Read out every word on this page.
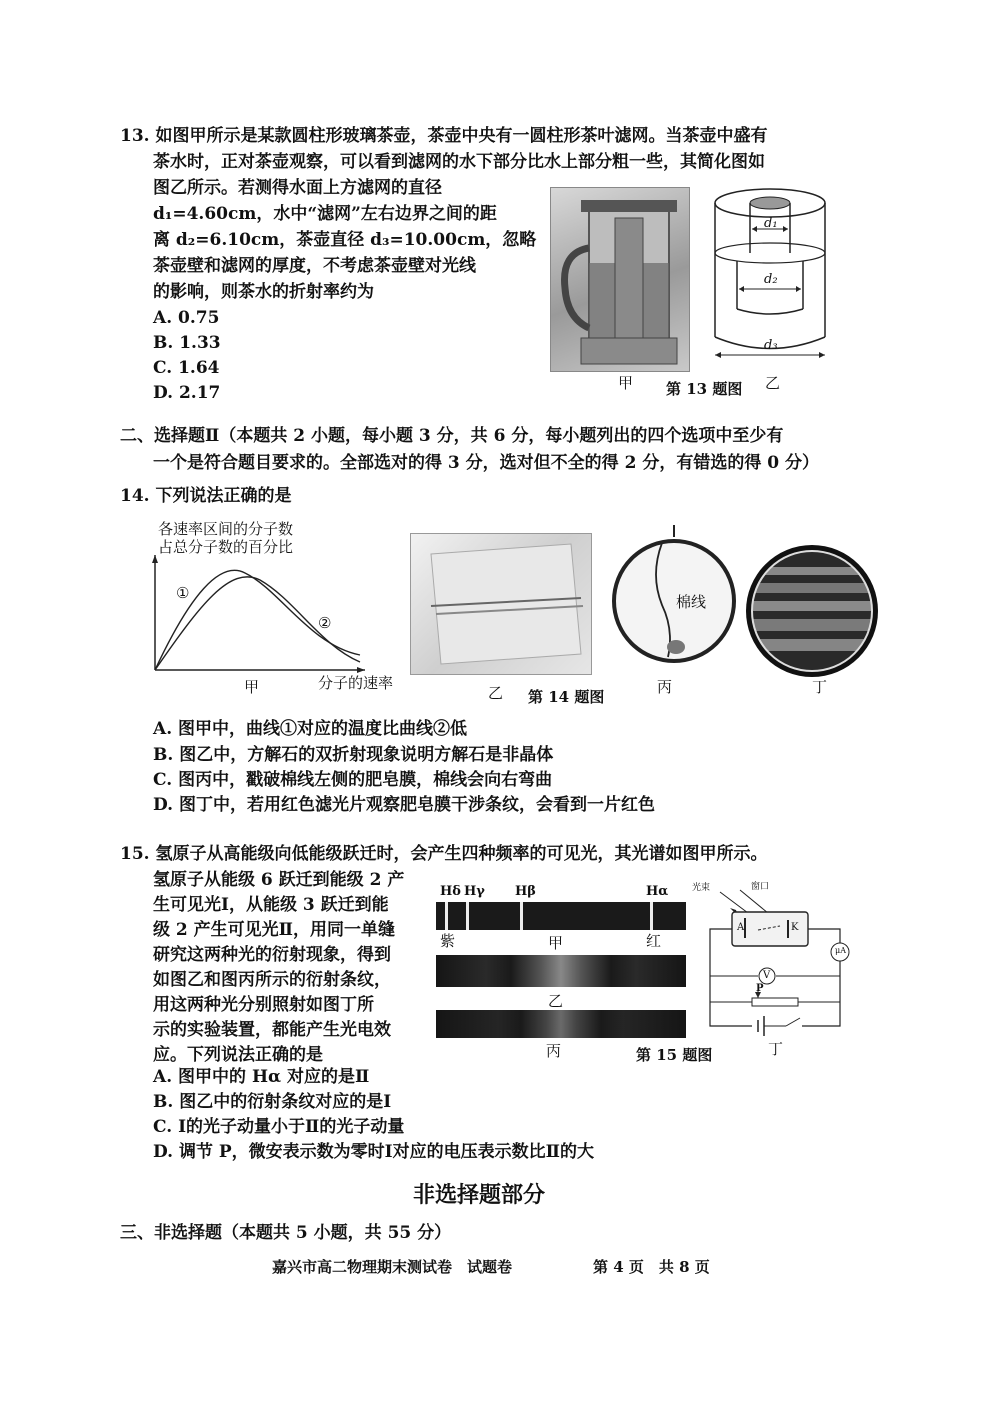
13. 如图甲所示是某款圆柱形玻璃茶壶，茶壶中央有一圆柱形茶叶滤网。当茶壶中盛有
茶水时，正对茶壶观察，可以看到滤网的水下部分比水上部分粗一些，其简化图如
图乙所示。若测得水面上方滤网的直径
d₁=4.60cm，水中“滤网”左右边界之间的距
离 d₂=6.10cm，茶壶直径 d₃=10.00cm，忽略
茶壶壁和滤网的厚度，不考虑茶壶壁对光线
的影响，则茶水的折射率约为
A. 0.75
B. 1.33
C. 1.64
D. 2.17	甲 第 13 题图
d₁
d₂
d₃
乙
二、选择题Ⅱ（本题共 2 小题，每小题 3 分，共 6 分，每小题列出的四个选项中至少有
一个是符合题目要求的。全部选对的得 3 分，选对但不全的得 2 分，有错选的得 0 分）
14. 下列说法正确的是
各速率区间的分子数
占总分子数的百分比
①
②
甲	分子的速率
乙 第 14 题图
棉线
丙	丁
A. 图甲中，曲线①对应的温度比曲线②低
B. 图乙中，方解石的双折射现象说明方解石是非晶体
C. 图丙中，戳破棉线左侧的肥皂膜，棉线会向右弯曲
D. 图丁中，若用红色滤光片观察肥皂膜干涉条纹，会看到一片红色
15. 氢原子从高能级向低能级跃迁时，会产生四种频率的可见光，其光谱如图甲所示。
氢原子从能级 6 跃迁到能级 2 产
生可见光Ⅰ，从能级 3 跃迁到能
级 2 产生可见光Ⅱ，用同一单缝
研究这两种光的衍射现象，得到
如图乙和图丙所示的衍射条纹，
用这两种光分别照射如图丁所
示的实验装置，都能产生光电效
应。下列说法正确的是
Hδ Hγ Hβ	Hα
紫	甲	红
乙
丙	第 15 题图
光束	窗口
A	K
μA
V
P
丁
A. 图甲中的 Hα 对应的是Ⅱ
B. 图乙中的衍射条纹对应的是Ⅰ
C. Ⅰ的光子动量小于Ⅱ的光子动量
D. 调节 P，微安表示数为零时Ⅰ对应的电压表示数比Ⅱ的大
非选择题部分
三、非选择题（本题共 5 小题，共 55 分）
嘉兴市高二物理期末测试卷　试题卷	第 4 页　共 8 页
